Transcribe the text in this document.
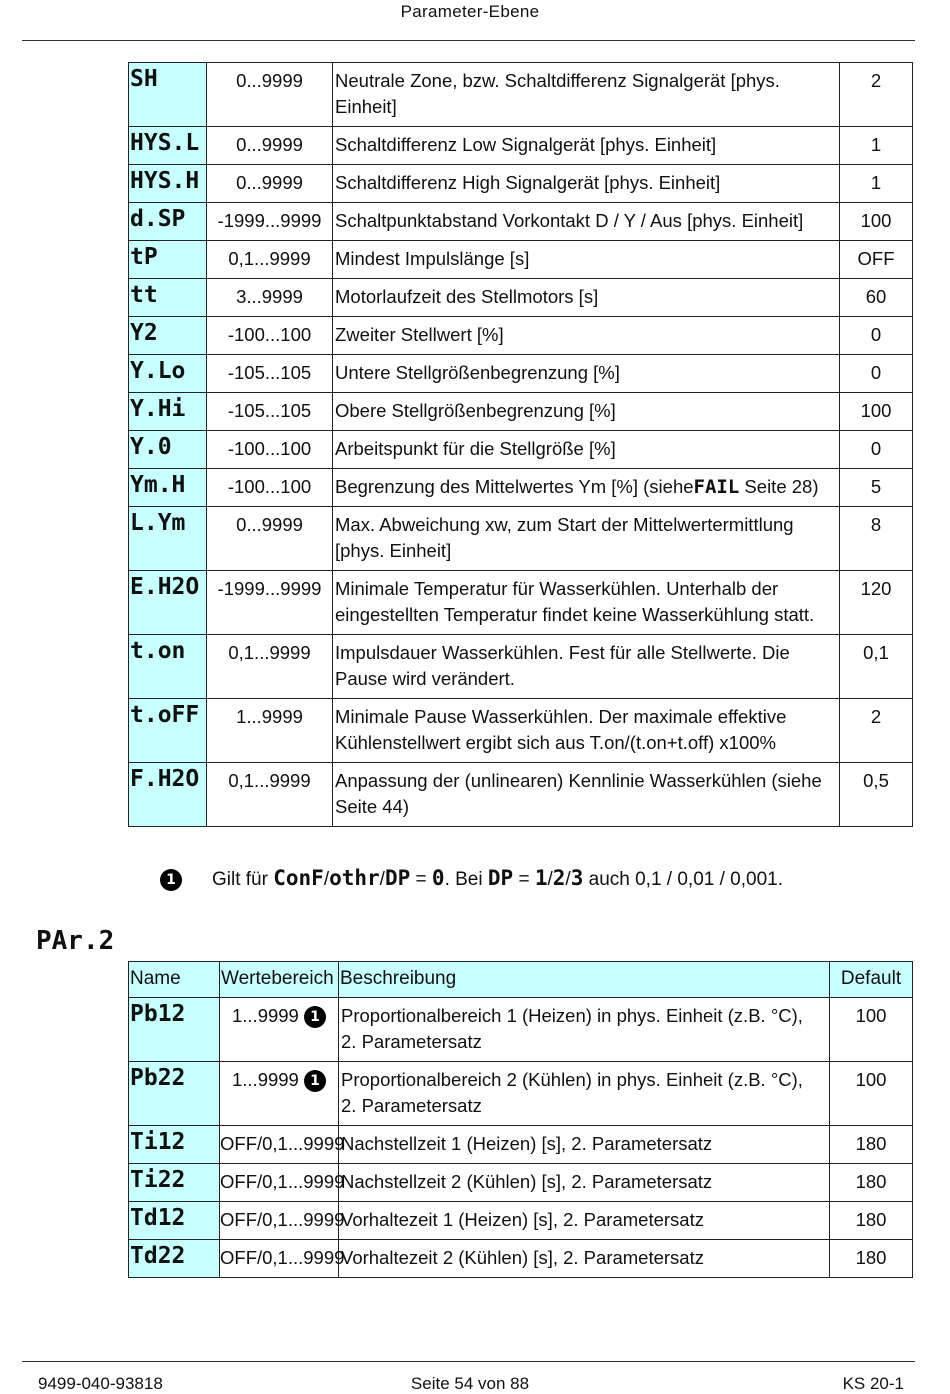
Parameter-Ebene
SH	0...9999	Neutrale Zone, bzw. Schaltdifferenz Signalgerät [phys. Einheit]	2
HYS.L	0...9999	Schaltdifferenz Low Signalgerät [phys. Einheit]	1
HYS.H	0...9999	Schaltdifferenz High Signalgerät [phys. Einheit]	1
d.SP	-1999...9999	Schaltpunktabstand Vorkontakt D / Y / Aus [phys. Einheit]	100
tP	0,1...9999	Mindest Impulslänge [s]	OFF
tt	3...9999	Motorlaufzeit des Stellmotors [s]	60
Y2	-100...100	Zweiter Stellwert [%]	0
Y.Lo	-105...105	Untere Stellgrößenbegrenzung [%]	0
Y.Hi	-105...105	Obere Stellgrößenbegrenzung [%]	100
Y.0	-100...100	Arbeitspunkt für die Stellgröße [%]	0
Ym.H	-100...100	Begrenzung des Mittelwertes Ym [%] (sieheFAIL Seite 28)	5
L.Ym	0...9999	Max. Abweichung xw, zum Start der Mittelwertermittlung [phys. Einheit]	8
E.H2O	-1999...9999	Minimale Temperatur für Wasserkühlen. Unterhalb der eingestellten Temperatur findet keine Wasserkühlung statt.	120
t.on	0,1...9999	Impulsdauer Wasserkühlen. Fest für alle Stellwerte. Die Pause wird verändert.	0,1
t.oFF	1...9999	Minimale Pause Wasserkühlen. Der maximale effektive Kühlenstellwert ergibt sich aus T.on/(t.on+t.off) x100%	2
F.H2O	0,1...9999	Anpassung der (unlinearen) Kennlinie Wasserkühlen (siehe Seite 44)	0,5
1 Gilt für ConF/othr/DP = 0. Bei DP = 1/2/3 auch 0,1 / 0,01 / 0,001.
PAr.2
Name	Wertebereich	Beschreibung	Default
Pb12	1...9999 1	Proportionalbereich 1 (Heizen) in phys. Einheit (z.B. °C), 2. Parametersatz	100
Pb22	1...9999 1	Proportionalbereich 2 (Kühlen) in phys. Einheit (z.B. °C), 2. Parametersatz	100
Ti12	OFF/0,1...9999	Nachstellzeit 1 (Heizen) [s], 2. Parametersatz	180
Ti22	OFF/0,1...9999	Nachstellzeit 2 (Kühlen) [s], 2. Parametersatz	180
Td12	OFF/0,1...9999	Vorhaltezeit 1 (Heizen) [s], 2. Parametersatz	180
Td22	OFF/0,1...9999	Vorhaltezeit 2 (Kühlen) [s], 2. Parametersatz	180
9499-040-93818	Seite 54 von 88	KS 20-1
